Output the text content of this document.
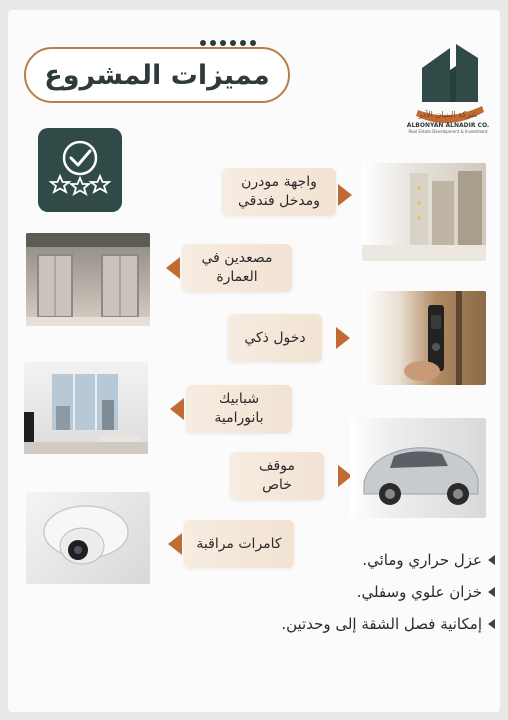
مميزات المشروع
شركة البنيان الآدر
ALBONYAN ALNADIR CO.
Real Estate Development & Investment
واجهة مودرن ومدخل فندقي
مصعدين في العمارة
دخول ذكي
شبابيك بانورامية
موقف خاص
كامرات مراقبة
عزل حراري ومائي.
خزان علوي وسفلي.
إمكانية فصل الشقة إلى وحدتين.
